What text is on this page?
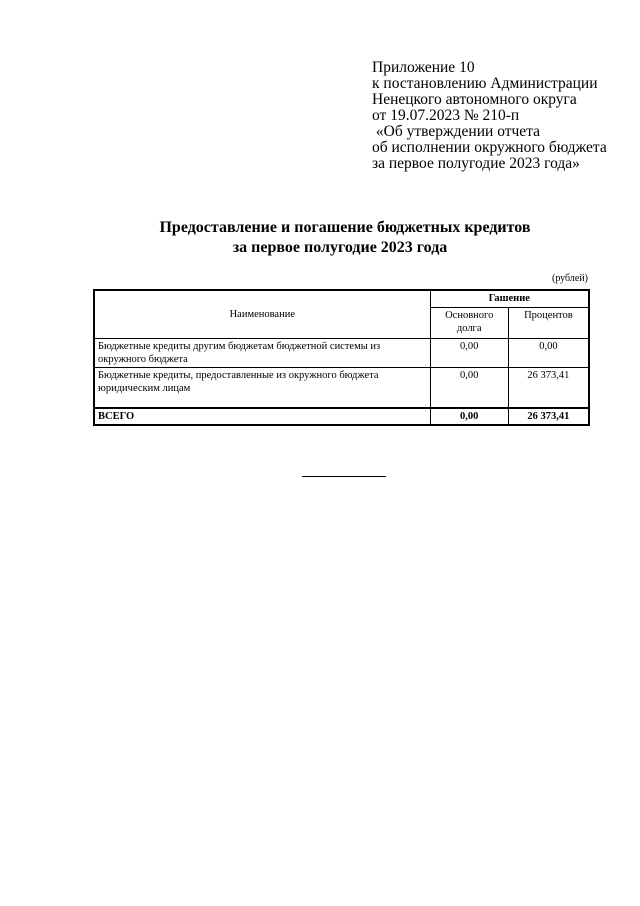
Приложение 10
к постановлению Администрации
Ненецкого автономного округа
от 19.07.2023 № 210-п
«Об утверждении отчета
об исполнении окружного бюджета
за первое полугодие 2023 года»
Предоставление и погашение бюджетных кредитов
за первое полугодие 2023 года
(рублей)
Наименование	Гашение	
	Основного долга	Процентов
Бюджетные кредиты другим бюджетам бюджетной системы из окружного бюджета	0,00	0,00
Бюджетные кредиты, предоставленные из окружного бюджета юридическим лицам	0,00	26 373,41
ВСЕГО	0,00	26 373,41
